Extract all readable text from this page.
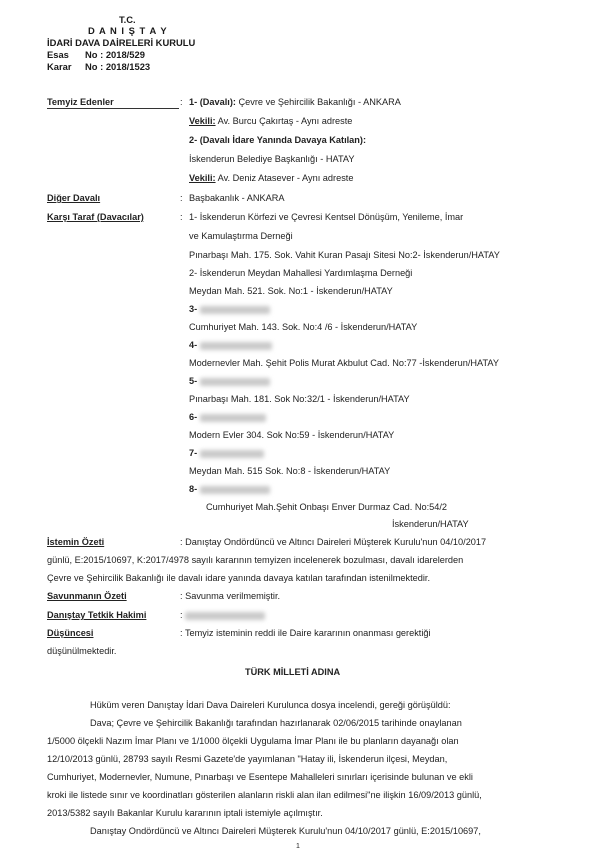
T.C.
D A N I Ş T A Y
İDARİ DAVA DAİRELERİ KURULU
Esas No : 2018/529
Karar No : 2018/1523
Temyiz Edenler	: 1- (Davalı): Çevre ve Şehircilik Bakanlığı - ANKARA
Vekili: Av. Burcu Çakırtaş - Aynı adreste
2- (Davalı İdare Yanında Davaya Katılan):
İskenderun Belediye Başkanlığı - HATAY
Vekili: Av. Deniz Atasever - Aynı adreste
Diğer Davalı	: Başbakanlık - ANKARA
Karşı Taraf (Davacılar)	: 1- İskenderun Körfezi ve Çevresi Kentsel Dönüşüm, Yenileme, İmar
ve Kamulaştırma Derneği
Pınarbaşı Mah. 175. Sok. Vahit Kuran Pasajı Sitesi No:2- İskenderun/HATAY
2- İskenderun Meydan Mahallesi Yardımlaşma Derneği
Meydan Mah. 521. Sok. No:1 - İskenderun/HATAY
3-
Cumhuriyet Mah. 143. Sok. No:4 /6 - İskenderun/HATAY
4-
Modernevler Mah. Şehit Polis Murat Akbulut Cad. No:77 -İskenderun/HATAY
5-
Pınarbaşı Mah. 181. Sok No:32/1 - İskenderun/HATAY
6-
Modern Evler 304. Sok No:59 - İskenderun/HATAY
7-
Meydan Mah. 515 Sok. No:8 - İskenderun/HATAY
8-
Cumhuriyet Mah.Şehit Onbaşı Enver Durmaz Cad. No:54/2
İskenderun/HATAY
İstemin Özeti	: Danıştay Ondördüncü ve Altıncı Daireleri Müşterek Kurulu'nun 04/10/2017
günlü, E:2015/10697, K:2017/4978 sayılı kararının temyizen incelenerek bozulması, davalı idarelerden
Çevre ve Şehircilik Bakanlığı ile davalı idare yanında davaya katılan tarafından istenilmektedir.
Savunmanın Özeti	: Savunma verilmemiştir.
Danıştay Tetkik Hakimi	:
Düşüncesi	: Temyiz isteminin reddi ile Daire kararının onanması gerektiği
düşünülmektedir.
TÜRK MİLLETİ ADINA
Hüküm veren Danıştay İdari Dava Daireleri Kurulunca dosya incelendi, gereği görüşüldü:
Dava; Çevre ve Şehircilik Bakanlığı tarafından hazırlanarak 02/06/2015 tarihinde onaylanan
1/5000 ölçekli Nazım İmar Planı ve 1/1000 ölçekli Uygulama İmar Planı ile bu planların dayanağı olan
12/10/2013 günlü, 28793 sayılı Resmi Gazete'de yayımlanan "Hatay ili, İskenderun ilçesi, Meydan,
Cumhuriyet, Modernevler, Numune, Pınarbaşı ve Esentepe Mahalleleri sınırları içerisinde bulunan ve ekli
kroki ile listede sınır ve koordinatları gösterilen alanların riskli alan ilan edilmesi"ne ilişkin 16/09/2013 günlü,
2013/5382 sayılı Bakanlar Kurulu kararının iptali istemiyle açılmıştır.
Danıştay Ondördüncü ve Altıncı Daireleri Müşterek Kurulu'nun 04/10/2017 günlü, E:2015/10697,
1
